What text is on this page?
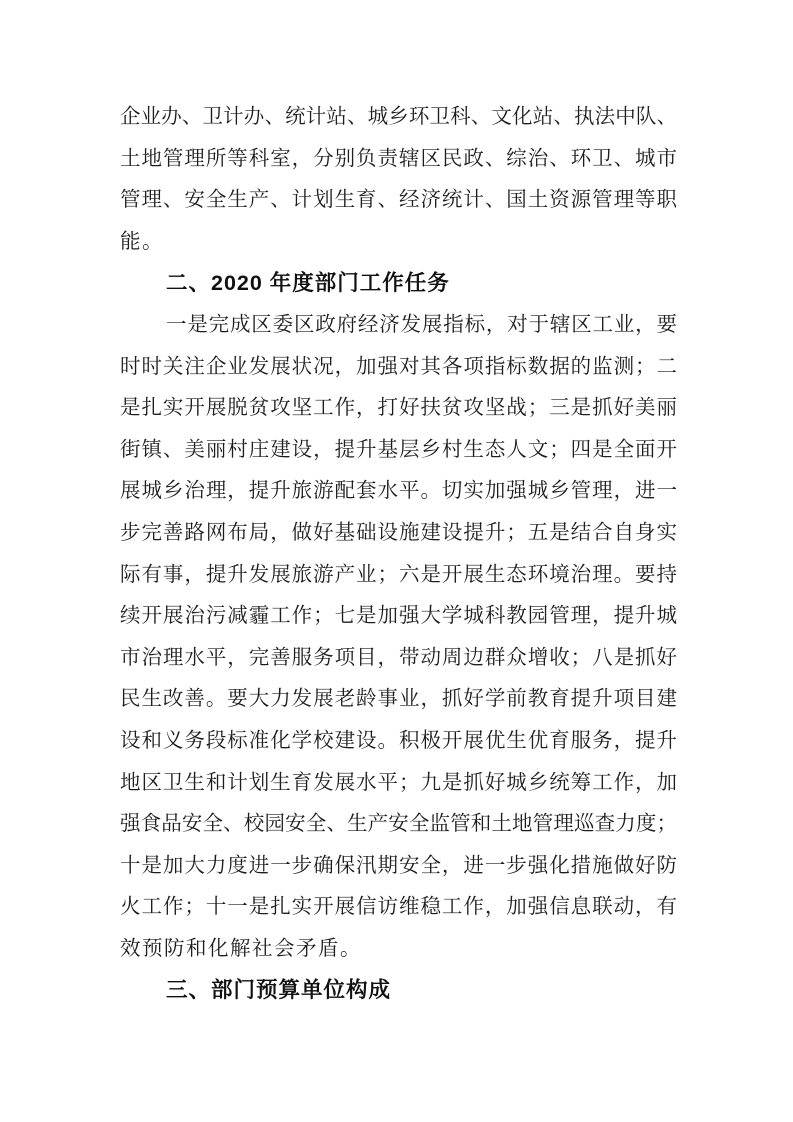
企业办、卫计办、统计站、城乡环卫科、文化站、执法中队、
土地管理所等科室，分别负责辖区民政、综治、环卫、城市
管理、安全生产、计划生育、经济统计、国土资源管理等职
能。
二、2020 年度部门工作任务
一是完成区委区政府经济发展指标，对于辖区工业，要
时时关注企业发展状况，加强对其各项指标数据的监测；二
是扎实开展脱贫攻坚工作，打好扶贫攻坚战；三是抓好美丽
街镇、美丽村庄建设，提升基层乡村生态人文；四是全面开
展城乡治理，提升旅游配套水平。切实加强城乡管理，进一
步完善路网布局，做好基础设施建设提升；五是结合自身实
际有事，提升发展旅游产业；六是开展生态环境治理。要持
续开展治污减霾工作；七是加强大学城科教园管理，提升城
市治理水平，完善服务项目，带动周边群众增收；八是抓好
民生改善。要大力发展老龄事业，抓好学前教育提升项目建
设和义务段标准化学校建设。积极开展优生优育服务，提升
地区卫生和计划生育发展水平；九是抓好城乡统筹工作，加
强食品安全、校园安全、生产安全监管和土地管理巡查力度；
十是加大力度进一步确保汛期安全，进一步强化措施做好防
火工作；十一是扎实开展信访维稳工作，加强信息联动，有
效预防和化解社会矛盾。
三、部门预算单位构成
